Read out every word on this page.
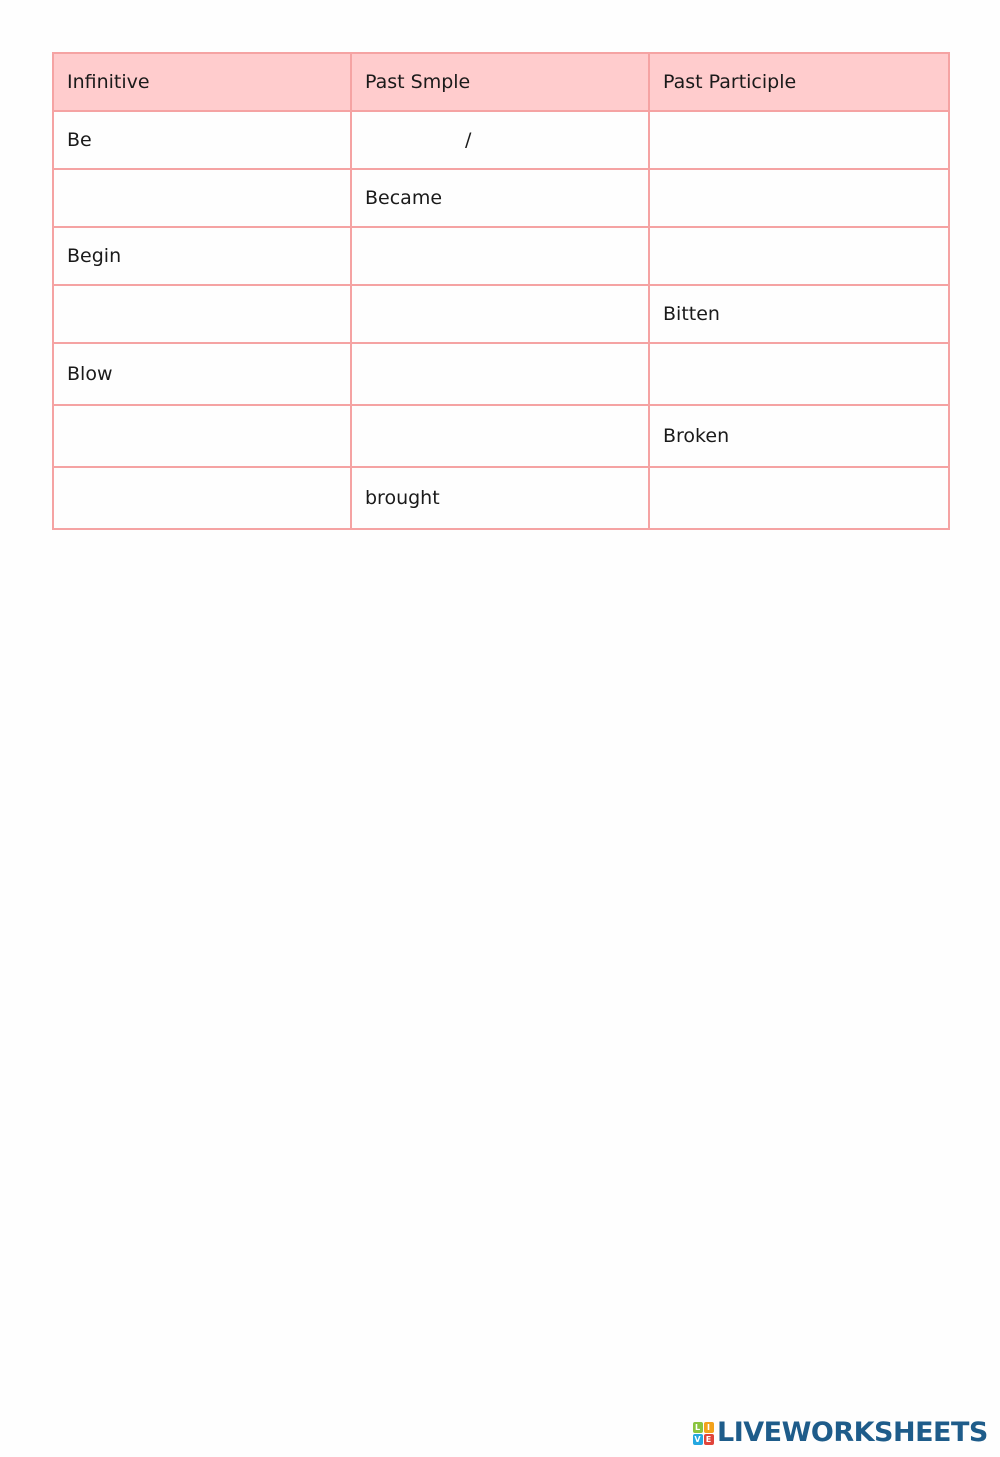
Infinitive	Past Smple	Past Participle
Be	/	
	Became	
Begin		
		Bitten
Blow		
		Broken
	brought	
L I
V E LIVEWORKSHEETS
